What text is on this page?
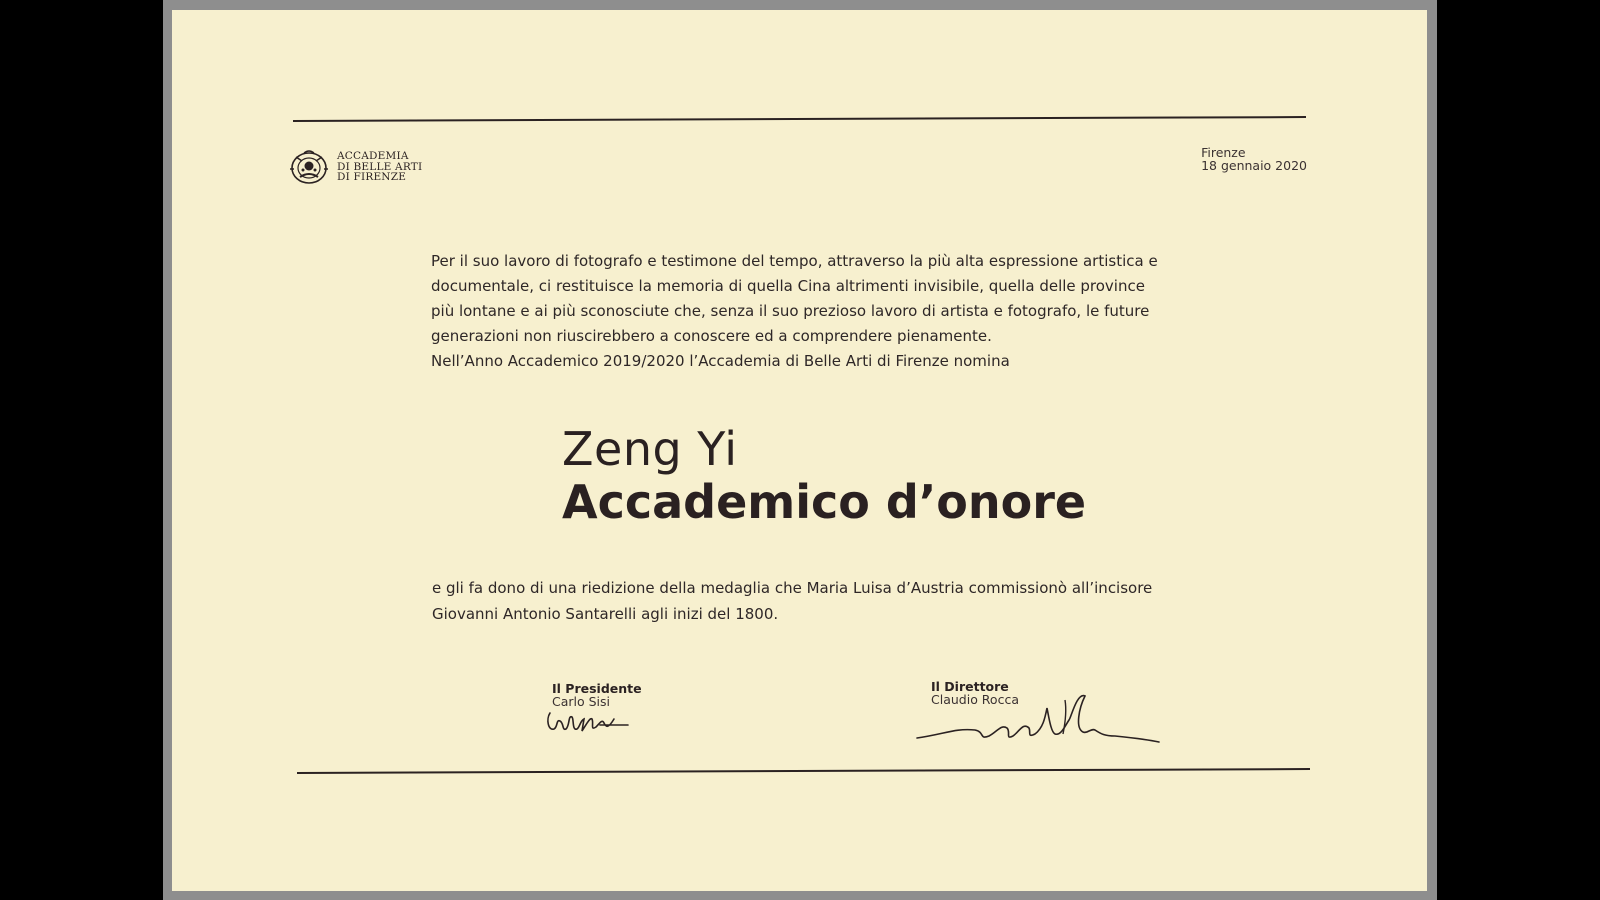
ACCADEMIA
DI BELLE ARTI
DI FIRENZE
Firenze
18 gennaio 2020

Per il suo lavoro di fotografo e testimone del tempo, attraverso la più alta espressione artistica e

documentale, ci restituisce la memoria di quella Cina altrimenti invisibile, quella delle province

più lontane e ai più sconosciute che, senza il suo prezioso lavoro di artista e fotografo, le future

generazioni non riuscirebbero a conoscere ed a comprendere pienamente.

Nell’Anno Accademico 2019/2020 l’Accademia di Belle Arti di Firenze nomina

Zeng Yi
Accademico d’onore

e gli fa dono di una riedizione della medaglia che Maria Luisa d’Austria commissionò all’incisore

Giovanni Antonio Santarelli agli inizi del 1800.

Il Presidente
Carlo Sisi
Il Direttore
Claudio Rocca
